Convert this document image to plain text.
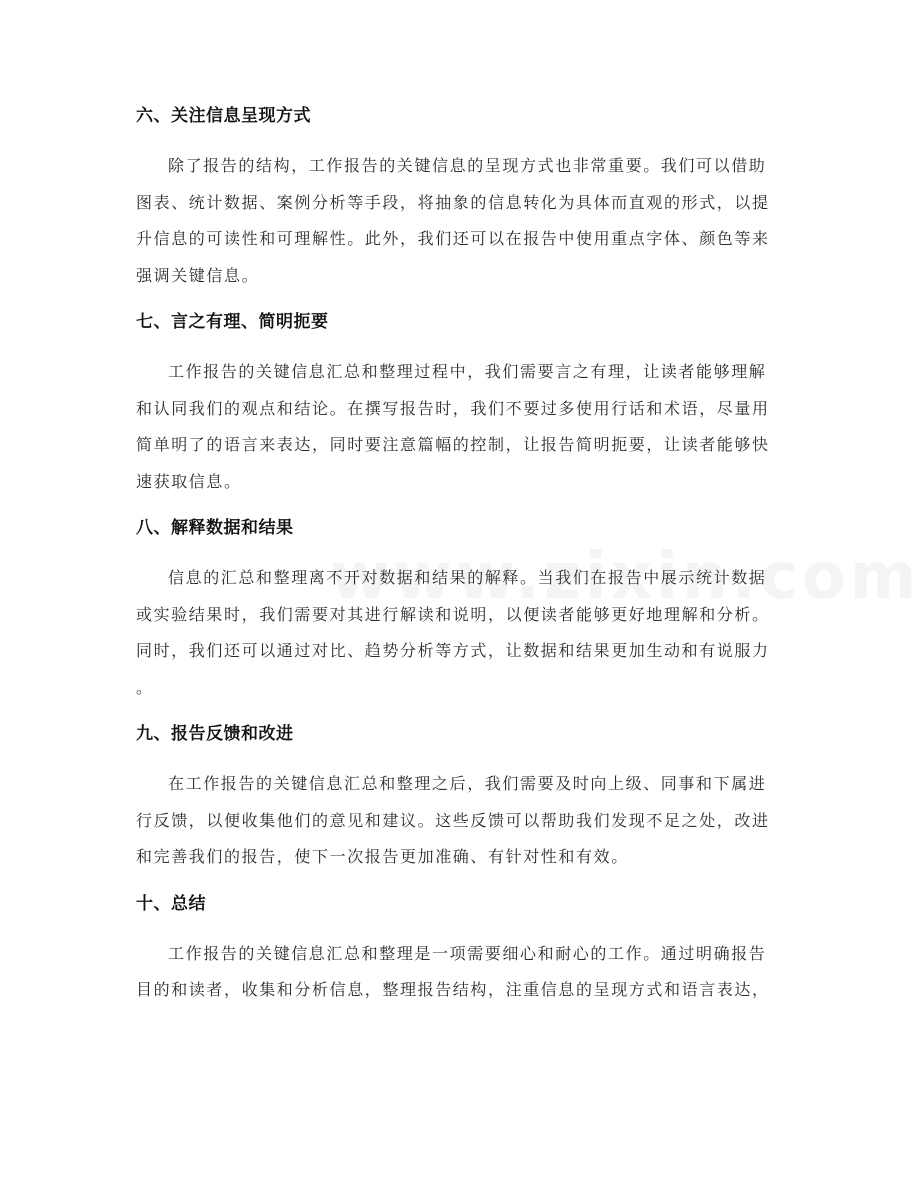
六、关注信息呈现方式
除了报告的结构，工作报告的关键信息的呈现方式也非常重要。我们可以借助
图表、统计数据、案例分析等手段，将抽象的信息转化为具体而直观的形式，以提
升信息的可读性和可理解性。此外，我们还可以在报告中使用重点字体、颜色等来
强调关键信息。
七、言之有理、简明扼要
工作报告的关键信息汇总和整理过程中，我们需要言之有理，让读者能够理解
和认同我们的观点和结论。在撰写报告时，我们不要过多使用行话和术语，尽量用
简单明了的语言来表达，同时要注意篇幅的控制，让报告简明扼要，让读者能够快
速获取信息。
八、解释数据和结果
信息的汇总和整理离不开对数据和结果的解释。当我们在报告中展示统计数据
或实验结果时，我们需要对其进行解读和说明，以便读者能够更好地理解和分析。
同时，我们还可以通过对比、趋势分析等方式，让数据和结果更加生动和有说服力
。
九、报告反馈和改进
在工作报告的关键信息汇总和整理之后，我们需要及时向上级、同事和下属进
行反馈，以便收集他们的意见和建议。这些反馈可以帮助我们发现不足之处，改进
和完善我们的报告，使下一次报告更加准确、有针对性和有效。
十、总结
工作报告的关键信息汇总和整理是一项需要细心和耐心的工作。通过明确报告
目的和读者，收集和分析信息，整理报告结构，注重信息的呈现方式和语言表达，
